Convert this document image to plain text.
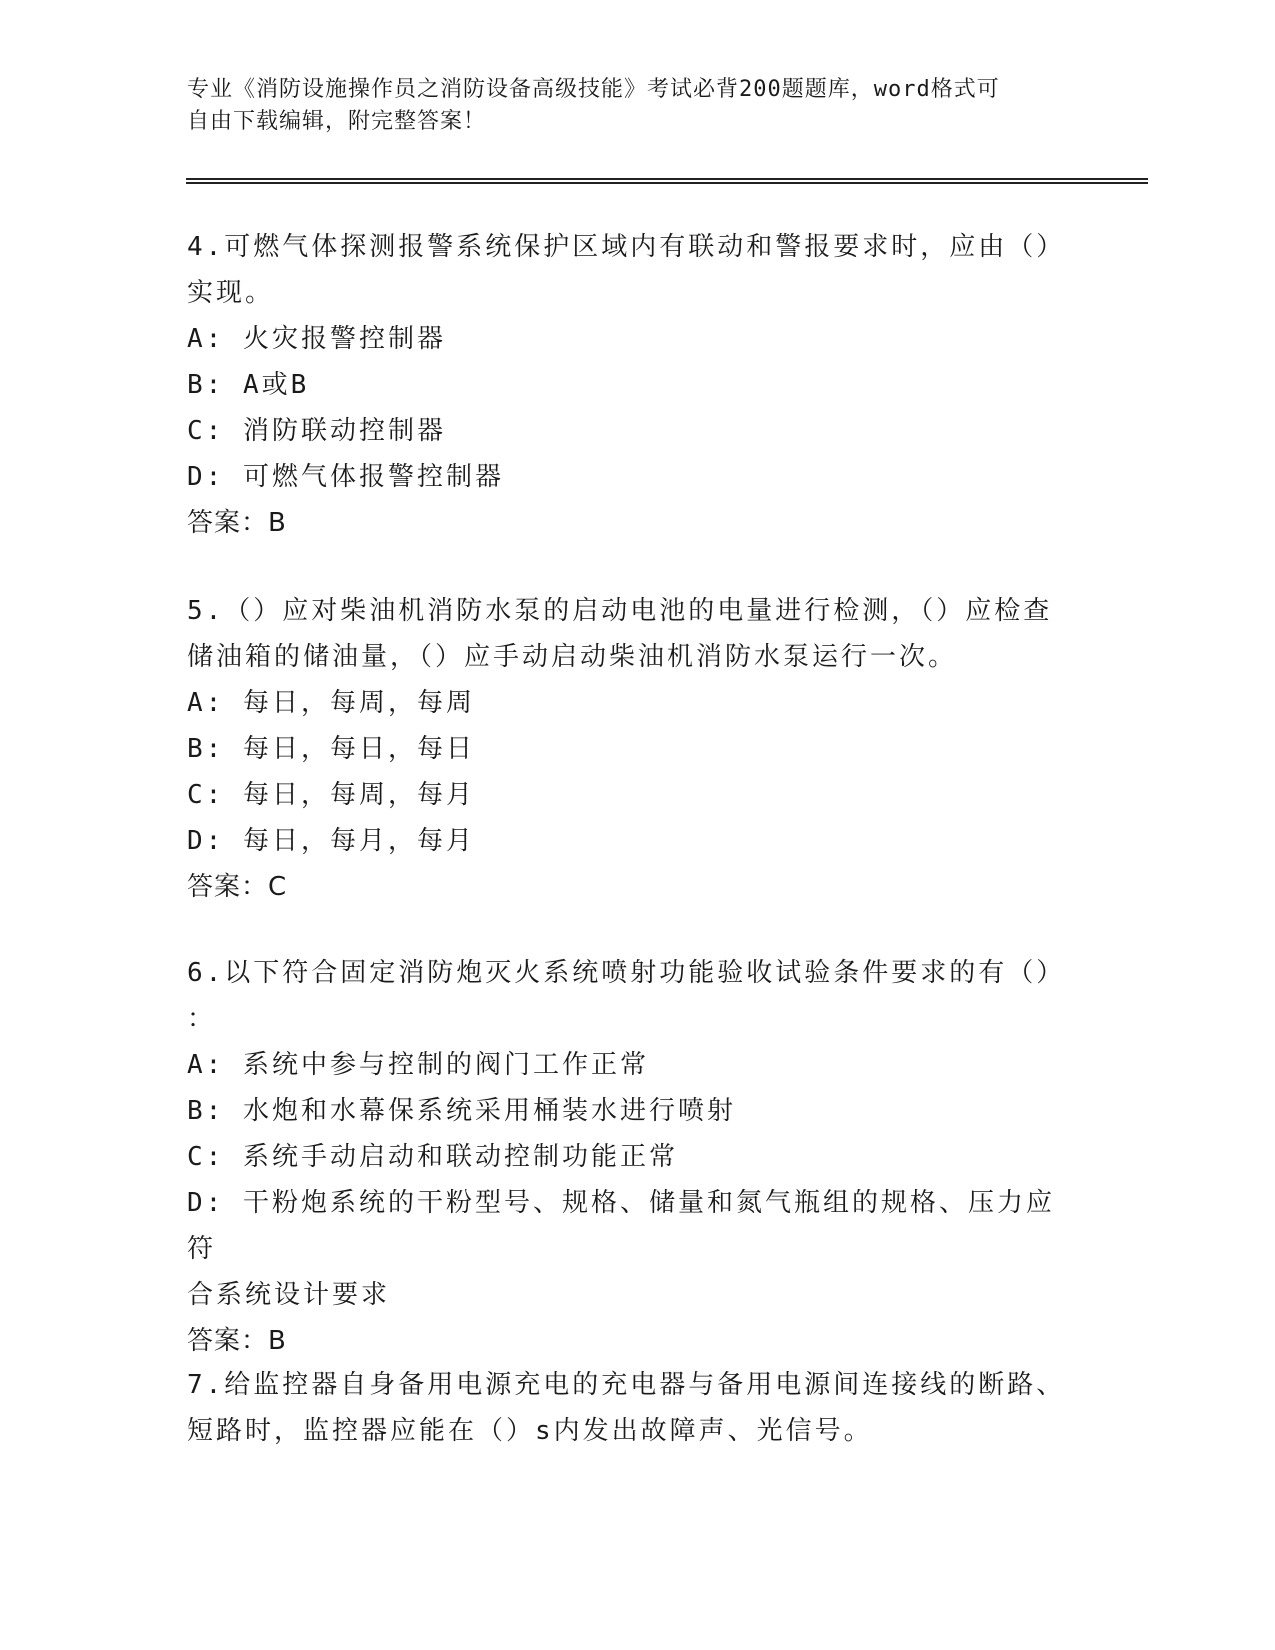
专业《消防设施操作员之消防设备高级技能》考试必背200题题库，word格式可
自由下载编辑，附完整答案！
4.可燃气体探测报警系统保护区域内有联动和警报要求时，应由（）
实现。
A: 火灾报警控制器
B: A或B
C: 消防联动控制器
D: 可燃气体报警控制器
答案：B
5.（）应对柴油机消防水泵的启动电池的电量进行检测，（）应检查
储油箱的储油量，（）应手动启动柴油机消防水泵运行一次。
A: 每日，每周，每周
B: 每日，每日，每日
C: 每日，每周，每月
D: 每日，每月，每月
答案：C
6.以下符合固定消防炮灭火系统喷射功能验收试验条件要求的有（）
：
A: 系统中参与控制的阀门工作正常
B: 水炮和水幕保系统采用桶装水进行喷射
C: 系统手动启动和联动控制功能正常
D: 干粉炮系统的干粉型号、规格、储量和氮气瓶组的规格、压力应符
合系统设计要求
答案：B
7.给监控器自身备用电源充电的充电器与备用电源间连接线的断路、
短路时，监控器应能在（）s内发出故障声、光信号。
